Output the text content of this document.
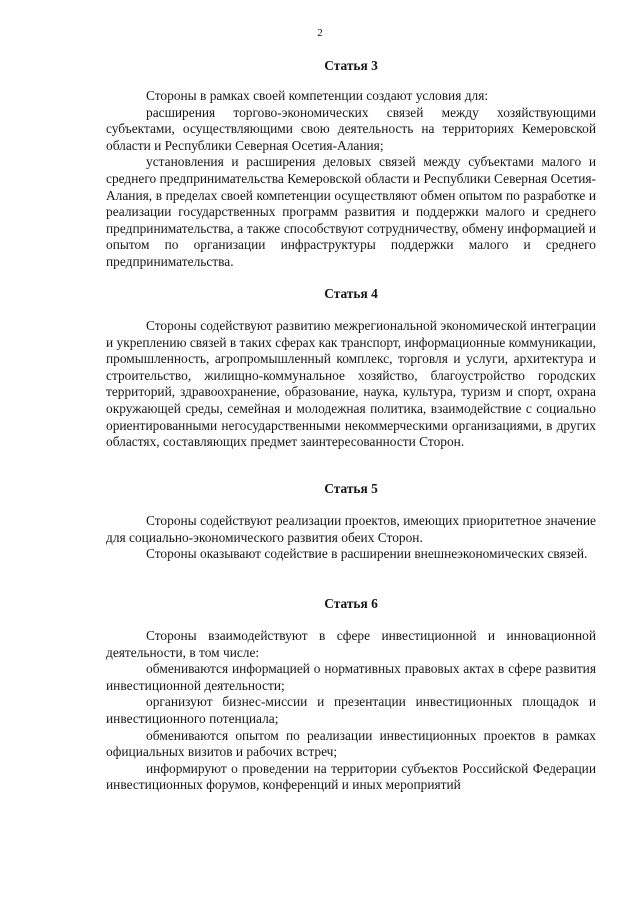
2
Статья 3

Стороны в рамках своей компетенции создают условия для:

расширения торгово-экономических связей между хозяйствующими субъектами, осуществляющими свою деятельность на территориях Кемеровской области и Республики Северная Осетия-Алания;

установления и расширения деловых связей между субъектами малого и среднего предпринимательства Кемеровской области и Республики Северная Осетия-Алания, в пределах своей компетенции осуществляют обмен опытом по разработке и реализации государственных программ развития и поддержки малого и среднего предпринимательства, а также способствуют сотрудничеству, обмену информацией и опытом по организации инфраструктуры поддержки малого и среднего предпринимательства.

Статья 4

Стороны содействуют развитию межрегиональной экономической интеграции и укреплению связей в таких сферах как транспорт, информационные коммуникации, промышленность, агропромышленный комплекс, торговля и услуги, архитектура и строительство, жилищно-коммунальное хозяйство, благоустройство городских территорий, здравоохранение, образование, наука, культура, туризм и спорт, охрана окружающей среды, семейная и молодежная политика, взаимодействие с социально ориентированными негосударственными некоммерческими организациями, в других областях, составляющих предмет заинтересованности Сторон.

Статья 5

Стороны содействуют реализации проектов, имеющих приоритетное значение для социально-экономического развития обеих Сторон.

Стороны оказывают содействие в расширении внешнеэкономических связей.

Статья 6

Стороны взаимодействуют в сфере инвестиционной и инновационной деятельности, в том числе:

обмениваются информацией о нормативных правовых актах в сфере развития инвестиционной деятельности;

организуют бизнес-миссии и презентации инвестиционных площадок и инвестиционного потенциала;

обмениваются опытом по реализации инвестиционных проектов в рамках официальных визитов и рабочих встреч;

информируют о проведении на территории субъектов Российской Федерации инвестиционных форумов, конференций и иных мероприятий
